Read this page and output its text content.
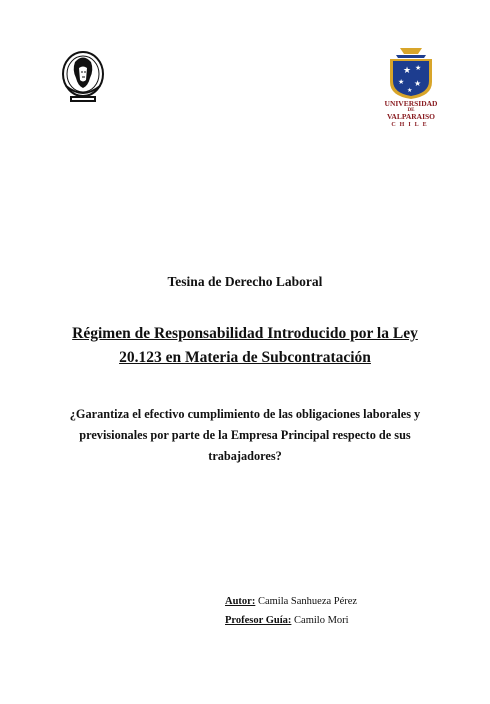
★ ★
★ ★
★
UNIVERSIDAD
DE
VALPARAISO
CHILE
Tesina de Derecho Laboral
Régimen de Responsabilidad Introducido por la Ley
20.123 en Materia de Subcontratación
¿Garantiza el efectivo cumplimiento de las obligaciones laborales y
previsionales por parte de la Empresa Principal respecto de sus
trabajadores?
Autor: Camila Sanhueza Pérez
Profesor Guía: Camilo Mori
